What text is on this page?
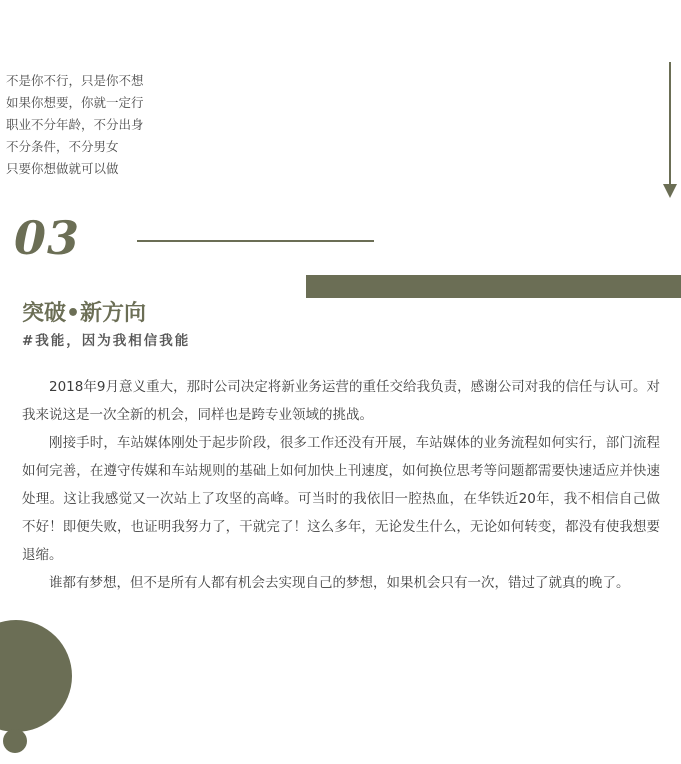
不是你不行，只是你不想
如果你想要，你就一定行
职业不分年龄，不分出身
不分条件，不分男女
只要你想做就可以做
03
突破•新方向
#我能，因为我相信我能

2018年9月意义重大，那时公司决定将新业务运营的重任交给我负责，感谢公司对我的信任与认可。对我来说这是一次全新的机会，同样也是跨专业领域的挑战。

刚接手时，车站媒体刚处于起步阶段，很多工作还没有开展，车站媒体的业务流程如何实行，部门流程如何完善，在遵守传媒和车站规则的基础上如何加快上刊速度，如何换位思考等问题都需要快速适应并快速处理。这让我感觉又一次站上了攻坚的高峰。可当时的我依旧一腔热血，在华铁近20年，我不相信自己做不好！即便失败，也证明我努力了，干就完了！这么多年，无论发生什么，无论如何转变，都没有使我想要退缩。

谁都有梦想，但不是所有人都有机会去实现自己的梦想，如果机会只有一次，错过了就真的晚了。
